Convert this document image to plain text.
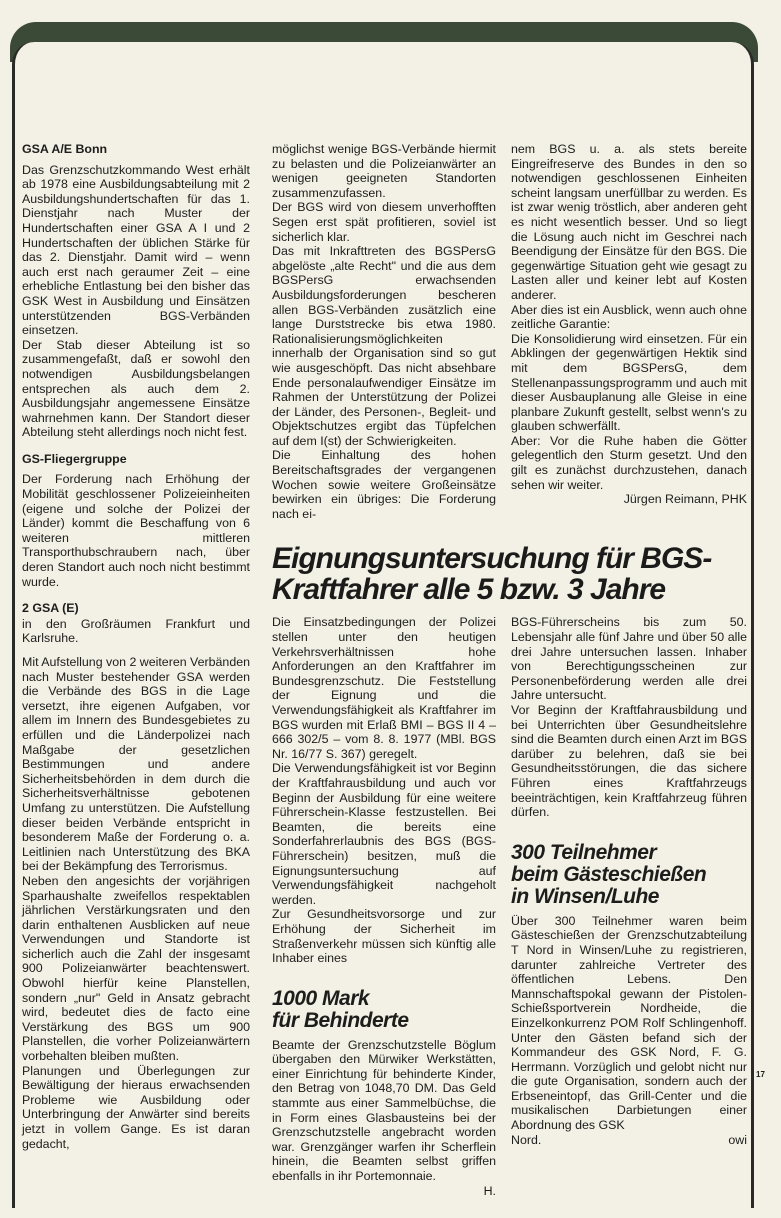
GSA A/E Bonn

Das Grenzschutzkommando West erhält ab 1978 eine Ausbildungsabteilung mit 2 Ausbildungshundertschaften für das 1. Dienstjahr nach Muster der Hundertschaften einer GSA A I und 2 Hundertschaften der üblichen Stärke für das 2. Dienstjahr. Damit wird – wenn auch erst nach geraumer Zeit – eine erhebliche Entlastung bei den bisher das GSK West in Ausbildung und Einsätzen unterstützenden BGS-Verbänden einsetzen.

Der Stab dieser Abteilung ist so zusammengefaßt, daß er sowohl den notwendigen Ausbildungsbelangen entsprechen als auch dem 2. Ausbildungsjahr angemessene Einsätze wahrnehmen kann. Der Standort dieser Abteilung steht allerdings noch nicht fest.

GS-Fliegergruppe

Der Forderung nach Erhöhung der Mobilität geschlossener Polizeieinheiten (eigene und solche der Polizei der Länder) kommt die Beschaffung von 6 weiteren mittleren Transporthubschraubern nach, über deren Standort auch noch nicht bestimmt wurde.

2 GSA (E)

in den Großräumen Frankfurt und Karlsruhe.

Mit Aufstellung von 2 weiteren Verbänden nach Muster bestehender GSA werden die Verbände des BGS in die Lage versetzt, ihre eigenen Aufgaben, vor allem im Innern des Bundesgebietes zu erfüllen und die Länderpolizei nach Maßgabe der gesetzlichen Bestimmungen und andere Sicherheitsbehörden in dem durch die Sicherheitsverhältnisse gebotenen Umfang zu unterstützen. Die Aufstellung dieser beiden Verbände entspricht in besonderem Maße der Forderung o. a. Leitlinien nach Unterstützung des BKA bei der Bekämpfung des Terrorismus.

Neben den angesichts der vorjährigen Sparhaushalte zweifellos respektablen jährlichen Verstärkungsraten und den darin enthaltenen Ausblicken auf neue Verwendungen und Standorte ist sicherlich auch die Zahl der insgesamt 900 Polizeianwärter beachtenswert. Obwohl hierfür keine Planstellen, sondern „nur" Geld in Ansatz gebracht wird, bedeutet dies de facto eine Verstärkung des BGS um 900 Planstellen, die vorher Polizeianwärtern vorbehalten bleiben mußten.

Planungen und Überlegungen zur Bewältigung der hieraus erwachsenden Probleme wie Ausbildung oder Unterbringung der Anwärter sind bereits jetzt in vollem Gange. Es ist daran gedacht,

möglichst wenige BGS-Verbände hiermit zu belasten und die Polizeianwärter an wenigen geeigneten Standorten zusammenzufassen.

Der BGS wird von diesem unverhofften Segen erst spät profitieren, soviel ist sicherlich klar.

Das mit Inkrafttreten des BGSPersG abgelöste „alte Recht" und die aus dem BGSPersG erwachsenden Ausbildungsforderungen bescheren allen BGS-Verbänden zusätzlich eine lange Durststrecke bis etwa 1980. Rationalisierungsmöglichkeiten innerhalb der Organisation sind so gut wie ausgeschöpft. Das nicht absehbare Ende personalaufwendiger Einsätze im Rahmen der Unterstützung der Polizei der Länder, des Personen-, Begleit- und Objektschutzes ergibt das Tüpfelchen auf dem I(st) der Schwierigkeiten.

Die Einhaltung des hohen Bereitschaftsgrades der vergangenen Wochen sowie weitere Großeinsätze bewirken ein übriges: Die Forderung nach ei-

nem BGS u. a. als stets bereite Eingreifreserve des Bundes in den so notwendigen geschlossenen Einheiten scheint langsam unerfüllbar zu werden. Es ist zwar wenig tröstlich, aber anderen geht es nicht wesentlich besser. Und so liegt die Lösung auch nicht im Geschrei nach Beendigung der Einsätze für den BGS. Die gegenwärtige Situation geht wie gesagt zu Lasten aller und keiner lebt auf Kosten anderer.

Aber dies ist ein Ausblick, wenn auch ohne zeitliche Garantie:

Die Konsolidierung wird einsetzen. Für ein Abklingen der gegenwärtigen Hektik sind mit dem BGSPersG, dem Stellenanpassungsprogramm und auch mit dieser Ausbauplanung alle Gleise in eine planbare Zukunft gestellt, selbst wenn's zu glauben schwerfällt.

Aber: Vor die Ruhe haben die Götter gelegentlich den Sturm gesetzt. Und den gilt es zunächst durchzustehen, danach sehen wir weiter.

Jürgen Reimann, PHK

Eignungsuntersuchung für BGS-
Kraftfahrer alle 5 bzw. 3 Jahre

Die Einsatzbedingungen der Polizei stellen unter den heutigen Verkehrsverhältnissen hohe Anforderungen an den Kraftfahrer im Bundesgrenzschutz. Die Feststellung der Eignung und die Verwendungsfähigkeit als Kraftfahrer im BGS wurden mit Erlaß BMI – BGS II 4 – 666 302/5 – vom 8. 8. 1977 (MBl. BGS Nr. 16/77 S. 367) geregelt.

Die Verwendungsfähigkeit ist vor Beginn der Kraftfahrausbildung und auch vor Beginn der Ausbildung für eine weitere Führerschein-Klasse festzustellen. Bei Beamten, die bereits eine Sonderfahrerlaubnis des BGS (BGS-Führerschein) besitzen, muß die Eignungsuntersuchung auf Verwendungsfähigkeit nachgeholt werden.

Zur Gesundheitsvorsorge und zur Erhöhung der Sicherheit im Straßenverkehr müssen sich künftig alle Inhaber eines

1000 Mark
für Behinderte

Beamte der Grenzschutzstelle Böglum übergaben den Mürwiker Werkstätten, einer Einrichtung für behinderte Kinder, den Betrag von 1048,70 DM. Das Geld stammte aus einer Sammelbüchse, die in Form eines Glasbausteins bei der Grenzschutzstelle angebracht worden war. Grenzgänger warfen ihr Scherflein hinein, die Beamten selbst griffen ebenfalls in ihr Portemonnaie.

H.

BGS-Führerscheins bis zum 50. Lebensjahr alle fünf Jahre und über 50 alle drei Jahre untersuchen lassen. Inhaber von Berechtigungsscheinen zur Personenbeförderung werden alle drei Jahre untersucht.

Vor Beginn der Kraftfahrausbildung und bei Unterrichten über Gesundheitslehre sind die Beamten durch einen Arzt im BGS darüber zu belehren, daß sie bei Gesundheitsstörungen, die das sichere Führen eines Kraftfahrzeugs beeinträchtigen, kein Kraftfahrzeug führen dürfen.

300 Teilnehmer
beim Gästeschießen
in Winsen/Luhe

Über 300 Teilnehmer waren beim Gästeschießen der Grenzschutzabteilung T Nord in Winsen/Luhe zu registrieren, darunter zahlreiche Vertreter des öffentlichen Lebens. Den Mannschaftspokal gewann der Pistolen-Schießsportverein Nordheide, die Einzelkonkurrenz POM Rolf Schlingenhoff. Unter den Gästen befand sich der Kommandeur des GSK Nord, F. G. Herrmann. Vorzüglich und gelobt nicht nur die gute Organisation, sondern auch der Erbseneintopf, das Grill-Center und die musikalischen Darbietungen einer Abordnung des GSK

Nord.	owi
17
